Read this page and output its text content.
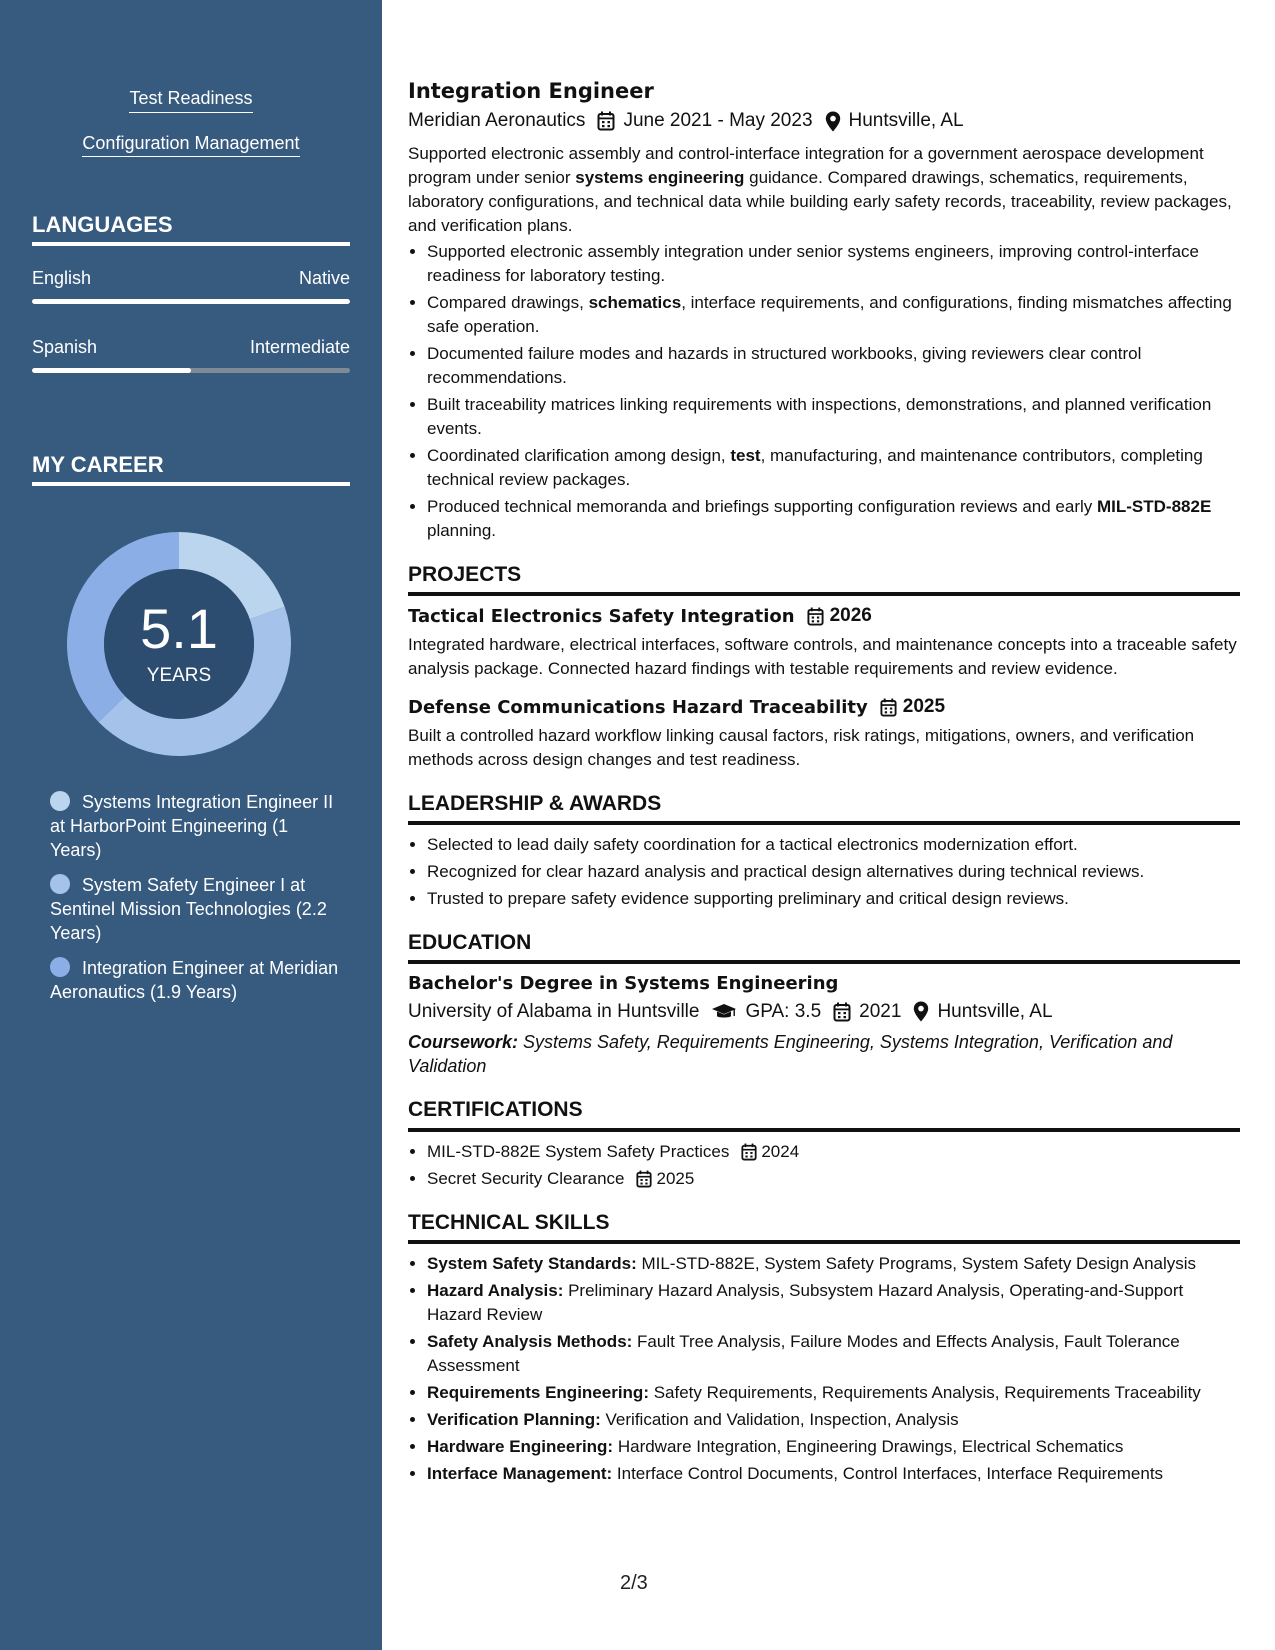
Test Readiness
Configuration Management
LANGUAGES
English	Native
Spanish	Intermediate
MY CAREER
5.1
YEARS
Systems Integration Engineer II at HarborPoint Engineering (1 Years)
System Safety Engineer I at Sentinel Mission Technologies (2.2 Years)
Integration Engineer at Meridian Aeronautics (1.9 Years)
Integration Engineer
Meridian Aeronautics June 2021 - May 2023 Huntsville, AL
Supported electronic assembly and control-interface integration for a government aerospace development program under senior systems engineering guidance. Compared drawings, schematics, requirements, laboratory configurations, and technical data while building early safety records, traceability, review packages, and verification plans.
• Supported electronic assembly integration under senior systems engineers, improving control-interface readiness for laboratory testing.
• Compared drawings, schematics, interface requirements, and configurations, finding mismatches affecting safe operation.
• Documented failure modes and hazards in structured workbooks, giving reviewers clear control recommendations.
• Built traceability matrices linking requirements with inspections, demonstrations, and planned verification events.
• Coordinated clarification among design, test, manufacturing, and maintenance contributors, completing technical review packages.
• Produced technical memoranda and briefings supporting configuration reviews and early MIL-STD-882E planning.
PROJECTS
Tactical Electronics Safety Integration 2026
Integrated hardware, electrical interfaces, software controls, and maintenance concepts into a traceable safety analysis package. Connected hazard findings with testable requirements and review evidence.
Defense Communications Hazard Traceability 2025
Built a controlled hazard workflow linking causal factors, risk ratings, mitigations, owners, and verification methods across design changes and test readiness.
LEADERSHIP & AWARDS
• Selected to lead daily safety coordination for a tactical electronics modernization effort.
• Recognized for clear hazard analysis and practical design alternatives during technical reviews.
• Trusted to prepare safety evidence supporting preliminary and critical design reviews.
EDUCATION
Bachelor's Degree in Systems Engineering
University of Alabama in Huntsville GPA: 3.5 2021 Huntsville, AL
Coursework: Systems Safety, Requirements Engineering, Systems Integration, Verification and Validation
CERTIFICATIONS
• MIL-STD-882E System Safety Practices 2024
• Secret Security Clearance 2025
TECHNICAL SKILLS
• System Safety Standards: MIL-STD-882E, System Safety Programs, System Safety Design Analysis
• Hazard Analysis: Preliminary Hazard Analysis, Subsystem Hazard Analysis, Operating-and-Support Hazard Review
• Safety Analysis Methods: Fault Tree Analysis, Failure Modes and Effects Analysis, Fault Tolerance Assessment
• Requirements Engineering: Safety Requirements, Requirements Analysis, Requirements Traceability
• Verification Planning: Verification and Validation, Inspection, Analysis
• Hardware Engineering: Hardware Integration, Engineering Drawings, Electrical Schematics
• Interface Management: Interface Control Documents, Control Interfaces, Interface Requirements
2/3
